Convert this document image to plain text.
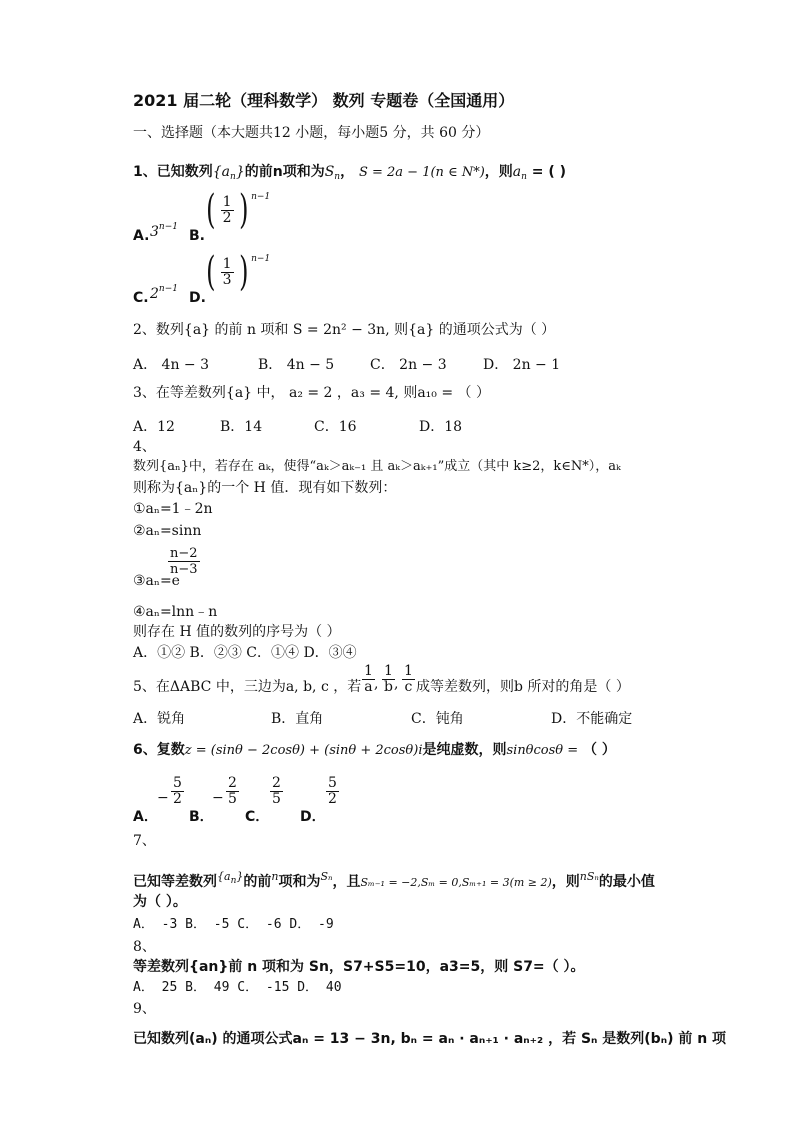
2021 届二轮（理科数学） 数列 专题卷（全国通用）
一、选择题（本大题共12 小题，每小题5 分，共 60 分）
1、已知数列$\{a_n\}$的前n项和为$S_n$， S = 2a − 1(n ∈ N*)，则$a_n$ = ( )
A. $3^{n-1}$
B.
( $\frac{1}{2}$ ) $^{n-1}$
C. $2^{n-1}$
D.
( $\frac{1}{3}$ ) $^{n-1}$
2、数列{a} 的前 n 项和 S = 2n² − 3n, 则{a} 的通项公式为（ ）
A． 4n − 3	B． 4n − 5	C． 2n − 3	D． 2n − 1
3、在等差数列{a} 中， a₂ = 2 ，a₃ = 4, 则a₁₀ = （ ）
A．12	B．14	C．16	D．18
4、
数列{aₙ}中，若存在 aₖ，使得“aₖ＞aₖ₋₁ 且 aₖ＞aₖ₊₁”成立（其中 k≥2，k∈N*），aₖ
则称为{aₙ}的一个 H 值．现有如下数列：
①aₙ=1﹣2n
②aₙ=sinn
③aₙ=e
$\frac{n-2}{n-3}$
④aₙ=lnn﹣n
则存在 H 值的数列的序号为（ ）
A．①② B．②③ C．①④ D．③④
5、在ΔABC 中，三边为a, b, c ，若 $\frac{1}{a}$ , $\frac{1}{b}$ , $\frac{1}{c}$ 成等差数列，则b 所对的角是（ ）
A．锐角	B．直角	C．钝角	D．不能确定
6、复数z = (sinθ − 2cosθ) + (sinθ + 2cosθ)i是纯虚数，则sinθcosθ = （ ）
A．
− $\frac{5}{2}$
B．
− $\frac{2}{5}$
C．
$\frac{2}{5}$
D．
$\frac{5}{2}$
7、
已知等差数列$^{\{a_n\}}$的前$^n$项和为$^{S_n}$，且Sₘ₋₁ = −2,Sₘ = 0,Sₘ₊₁ = 3(m ≥ 2)，则$^{nS_n}$的最小值
为（ ）。
A． -3 B． -5 C． -6 D． -9
8、
等差数列{an}前 n 项和为 Sn，S7+S5=10，a3=5，则 S7=（ ）。
A． 25 B． 49 C． -15 D． 40
9、
已知数列(aₙ) 的通项公式aₙ = 13 − 3n, bₙ = aₙ · aₙ₊₁ · aₙ₊₂ ，若 Sₙ 是数列(bₙ) 前 n 项
